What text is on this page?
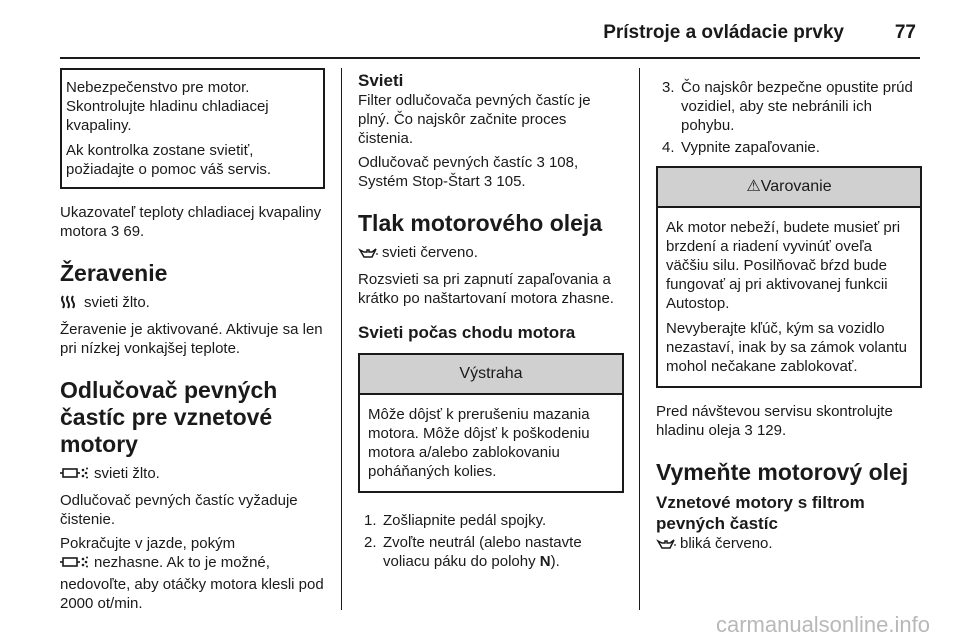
Prístroje a ovládacie prvky	77

Nebezpečenstvo pre motor. Skontrolujte hladinu chladiacej kvapaliny.

Ak kontrolka zostane svietiť, požiadajte o pomoc váš servis.

Ukazovateľ teploty chladiacej kvapaliny motora 3 69.

Žeravenie

svieti žlto.

Žeravenie je aktivované. Aktivuje sa len pri nízkej vonkajšej teplote.

Odlučovač pevných častíc pre vznetové motory

svieti žlto.

Odlučovač pevných častíc vyžaduje čistenie.

Pokračujte v jazde, pokým
nezhasne. Ak to je možné, nedovoľte, aby otáčky motora klesli pod 2000 ot/min.

Svieti

Filter odlučovača pevných častíc je plný. Čo najskôr začnite proces čistenia.

Odlučovač pevných častíc 3 108,
Systém Stop-Štart 3 105.

Tlak motorového oleja

svieti červeno.

Rozsvieti sa pri zapnutí zapaľovania a krátko po naštartovaní motora zhasne.

Svieti počas chodu motora
Výstraha

Môže dôjsť k prerušeniu mazania motora. Môže dôjsť k poškodeniu motora a/alebo zablokovaniu poháňaných kolies.

1. Zošliapnite pedál spojky.
2. Zvoľte neutrál (alebo nastavte voliacu páku do polohy N).
3. Čo najskôr bezpečne opustite prúd vozidiel, aby ste nebránili ich pohybu.
4. Vypnite zapaľovanie.
⚠Varovanie

Ak motor nebeží, budete musieť pri brzdení a riadení vyvinúť oveľa väčšiu silu. Posilňovač bŕzd bude fungovať aj pri aktivovanej funkcii Autostop.

Nevyberajte kľúč, kým sa vozidlo nezastaví, inak by sa zámok volantu mohol nečakane zablokovať.

Pred návštevou servisu skontrolujte hladinu oleja 3 129.

Vymeňte motorový olej
Vznetové motory s filtrom pevných častíc

bliká červeno.

carmanualsonline.info
